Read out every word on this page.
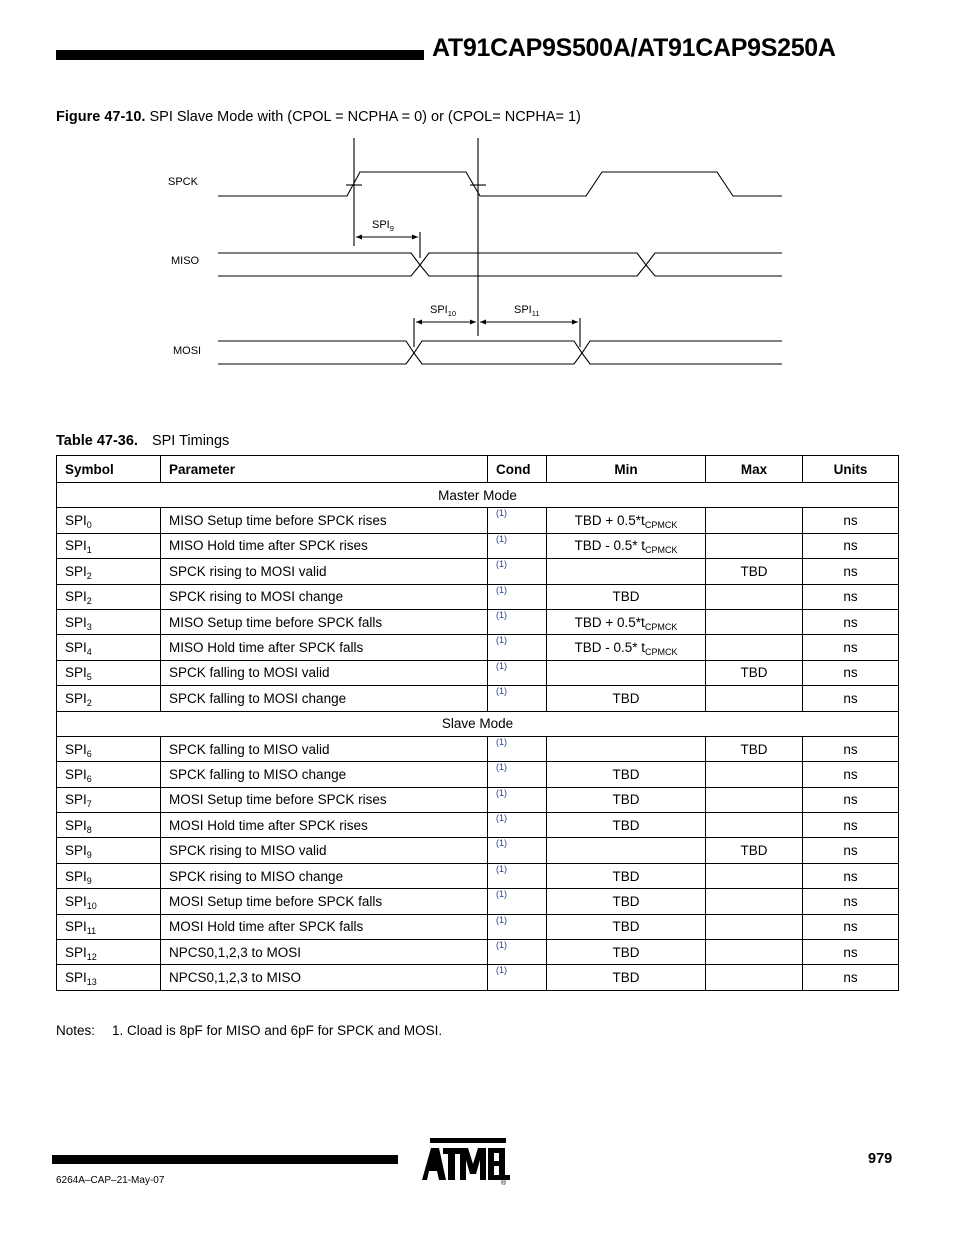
AT91CAP9S500A/AT91CAP9S250A
Figure 47-10. SPI Slave Mode with (CPOL = NCPHA = 0) or (CPOL= NCPHA= 1)
SPCK
MISO
MOSI
$SPI_9$
$SPI_{10}$	$SPI_{11}$
Table 47-36. SPI Timings
Symbol	Parameter	Cond	Min	Max	Units
Master Mode					
$SPI_0$	MISO Setup time before SPCK rises	(1)	TBD + $0.5*t_{CPMCK}$		ns
$SPI_1$	MISO Hold time after SPCK rises	(1)	TBD - 0.5* $t_{CPMCK}$		ns
$SPI_2$	SPCK rising to MOSI valid	(1)		TBD	ns
$SPI_2$	SPCK rising to MOSI change	(1)	TBD		ns
$SPI_3$	MISO Setup time before SPCK falls	(1)	TBD + $0.5*t_{CPMCK}$		ns
$SPI_4$	MISO Hold time after SPCK falls	(1)	TBD - 0.5* $t_{CPMCK}$		ns
$SPI_5$	SPCK falling to MOSI valid	(1)		TBD	ns
$SPI_2$	SPCK falling to MOSI change	(1)	TBD		ns
Slave Mode					
$SPI_6$	SPCK falling to MISO valid	(1)		TBD	ns
$SPI_6$	SPCK falling to MISO change	(1)	TBD		ns
$SPI_7$	MOSI Setup time before SPCK rises	(1)	TBD		ns
$SPI_8$	MOSI Hold time after SPCK rises	(1)	TBD		ns
$SPI_9$	SPCK rising to MISO valid	(1)		TBD	ns
$SPI_9$	SPCK rising to MISO change	(1)	TBD		ns
$SPI_{10}$	MOSI Setup time before SPCK falls	(1)	TBD		ns
$SPI_{11}$	MOSI Hold time after SPCK falls	(1)	TBD		ns
$SPI_{12}$	NPCS0,1,2,3 to MOSI	(1)	TBD		ns
$SPI_{13}$	NPCS0,1,2,3 to MISO	(1)	TBD		ns
Notes: 1. Cload is 8pF for MISO and 6pF for SPCK and MOSI.
®
979
6264A–CAP–21-May-07
